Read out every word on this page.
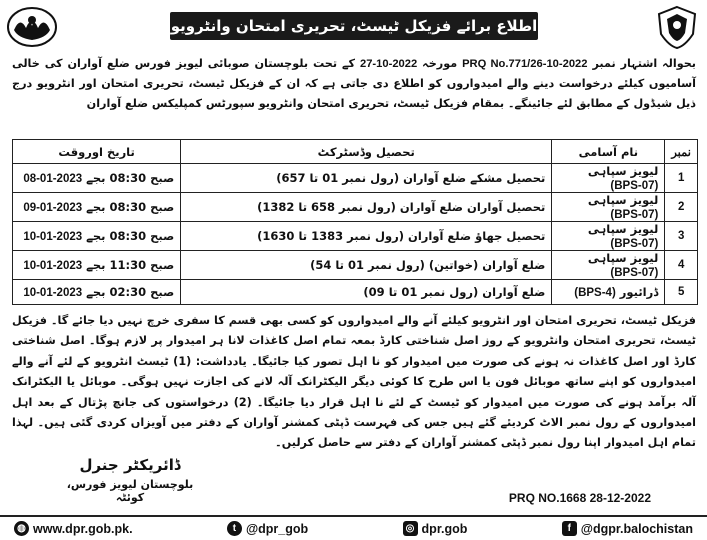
اطلاع برائے فزیکل ٹیسٹ، تحریری امتحان وانٹرویو
بحوالہ اشتہار نمبر PRQ No.771/26-10-2022 مورخہ 27-10-2022 کے تحت بلوچستان صوبائی لیویز فورس ضلع آواران کی خالی آسامیوں کیلئے درخواست دینے والے امیدواروں کو اطلاع دی جاتی ہے کہ ان کے فزیکل ٹیسٹ، تحریری امتحان اور انٹرویو درج ذیل شیڈول کے مطابق لئے جائینگے۔ بمقام فزیکل ٹیسٹ، تحریری امتحان وانٹرویو سپورٹس کمپلیکس ضلع آواران
نمبر	نام آسامی	تحصیل وڈسٹرکٹ	تاریخ اوروقت
1	لیویز سپاہی (BPS-07)	تحصیل مشکے ضلع آواران (رول نمبر 01 تا 657)	صبح 08:30 بجے 08-01-2023
2	لیویز سپاہی (BPS-07)	تحصیل آواران ضلع آواران (رول نمبر 658 تا 1382)	صبح 08:30 بجے 09-01-2023
3	لیویز سپاہی (BPS-07)	تحصیل جھاؤ ضلع آواران (رول نمبر 1383 تا 1630)	صبح 08:30 بجے 10-01-2023
4	لیویز سپاہی (BPS-07)	ضلع آواران (خواتین) (رول نمبر 01 تا 54)	صبح 11:30 بجے 10-01-2023
5	ڈرائیور (BPS-4)	ضلع آواران (رول نمبر 01 تا 09)	صبح 02:30 بجے 10-01-2023
فزیکل ٹیسٹ، تحریری امتحان اور انٹرویو کیلئے آنے والے امیدواروں کو کسی بھی قسم کا سفری خرچ نہیں دیا جائے گا۔ فزیکل ٹیسٹ، تحریری امتحان وانٹرویو کے روز اصل شناختی کارڈ بمعہ تمام اصل کاغذات لانا ہر امیدوار پر لازم ہوگا۔ اصل شناختی کارڈ اور اصل کاغذات نہ ہونے کی صورت میں امیدوار کو نا اہل تصور کیا جائیگا۔ یادداشت: (1) ٹیسٹ انٹرویو کے لئے آنے والے امیدواروں کو اپنے ساتھ موبائل فون یا اس طرح کا کوئی دیگر الیکٹرانک آلہ لانے کی اجازت نہیں ہوگی۔ موبائل یا الیکٹرانک آلہ برآمد ہونے کی صورت میں امیدوار کو ٹیسٹ کے لئے نا اہل قرار دیا جائیگا۔ (2) درخواستوں کی جانچ پڑتال کے بعد اہل امیدواروں کے رول نمبر الاٹ کردیئے گئے ہیں جس کی فہرست ڈپٹی کمشنر آواران کے دفتر میں آویزاں کردی گئی ہیں۔ لہذا تمام اہل امیدوار اپنا رول نمبر ڈپٹی کمشنر آواران کے دفتر سے حاصل کرلیں۔
ڈائریکٹر جنرل
بلوچستان لیویز فورس، کوئٹہ	PRQ NO.1668 28-12-2022
◍ www.dpr.gob.pk.	t @dpr_gob	◎ dpr.gob	f @dgpr.balochistan
